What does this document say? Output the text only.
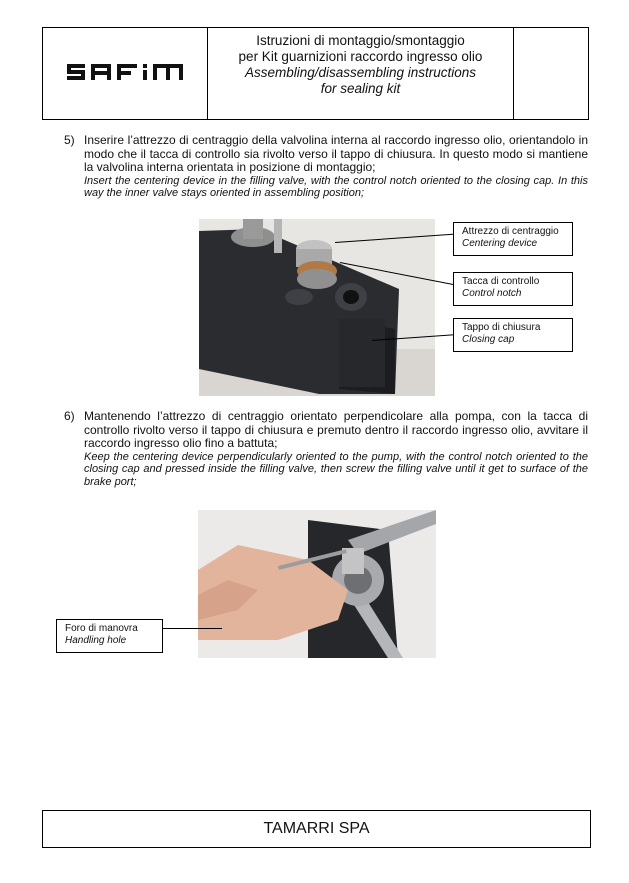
Istruzioni di montaggio/smontaggio
per Kit guarnizioni raccordo ingresso olio
Assembling/disassembling instructions
for sealing kit
5) Inserire l’attrezzo di centraggio della valvolina interna al raccordo ingresso olio, orientandolo in modo che il tacca di controllo sia rivolto verso il tappo di chiusura. In questo modo si mantiene la valvolina interna orientata in posizione di montaggio;
Insert the centering device in the filling valve, with the control notch oriented to the closing cap. In this way the inner valve stays oriented in assembling position;
Attrezzo di centraggio
Centering device
Tacca di controllo
Control notch
Tappo di chiusura
Closing cap
6) Mantenendo l’attrezzo di centraggio orientato perpendicolare alla pompa, con la tacca di controllo rivolto verso il tappo di chiusura e premuto dentro il raccordo ingresso olio, avvitare il raccordo ingresso olio fino a battuta;
Keep the centering device perpendicularly oriented to the pump, with the control notch oriented to the closing cap and pressed inside the filling valve, then screw the filling valve until it get to surface of the brake port;
Foro di manovra
Handling hole
TAMARRI SPA
